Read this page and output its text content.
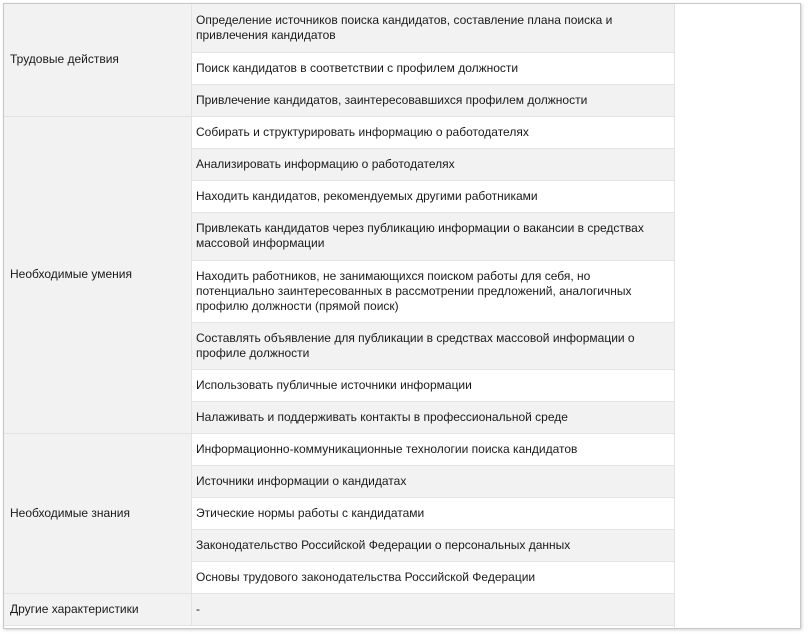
Трудовые действия	Определение источников поиска кандидатов, составление плана поиска и привлечения кандидатов
	Поиск кандидатов в соответствии с профилем должности
	Привлечение кандидатов, заинтересовавшихся профилем должности
Необходимые умения	Собирать и структурировать информацию о работодателях
	Анализировать информацию о работодателях
	Находить кандидатов, рекомендуемых другими работниками
	Привлекать кандидатов через публикацию информации о вакансии в средствах массовой информации
	Находить работников, не занимающихся поиском работы для себя, но потенциально заинтересованных в рассмотрении предложений, аналогичных профилю должности (прямой поиск)
	Составлять объявление для публикации в средствах массовой информации о профиле должности
	Использовать публичные источники информации
	Налаживать и поддерживать контакты в профессиональной среде
Необходимые знания	Информационно-коммуникационные технологии поиска кандидатов
	Источники информации о кандидатах
	Этические нормы работы с кандидатами
	Законодательство Российской Федерации о персональных данных
	Основы трудового законодательства Российской Федерации
Другие характеристики	-
